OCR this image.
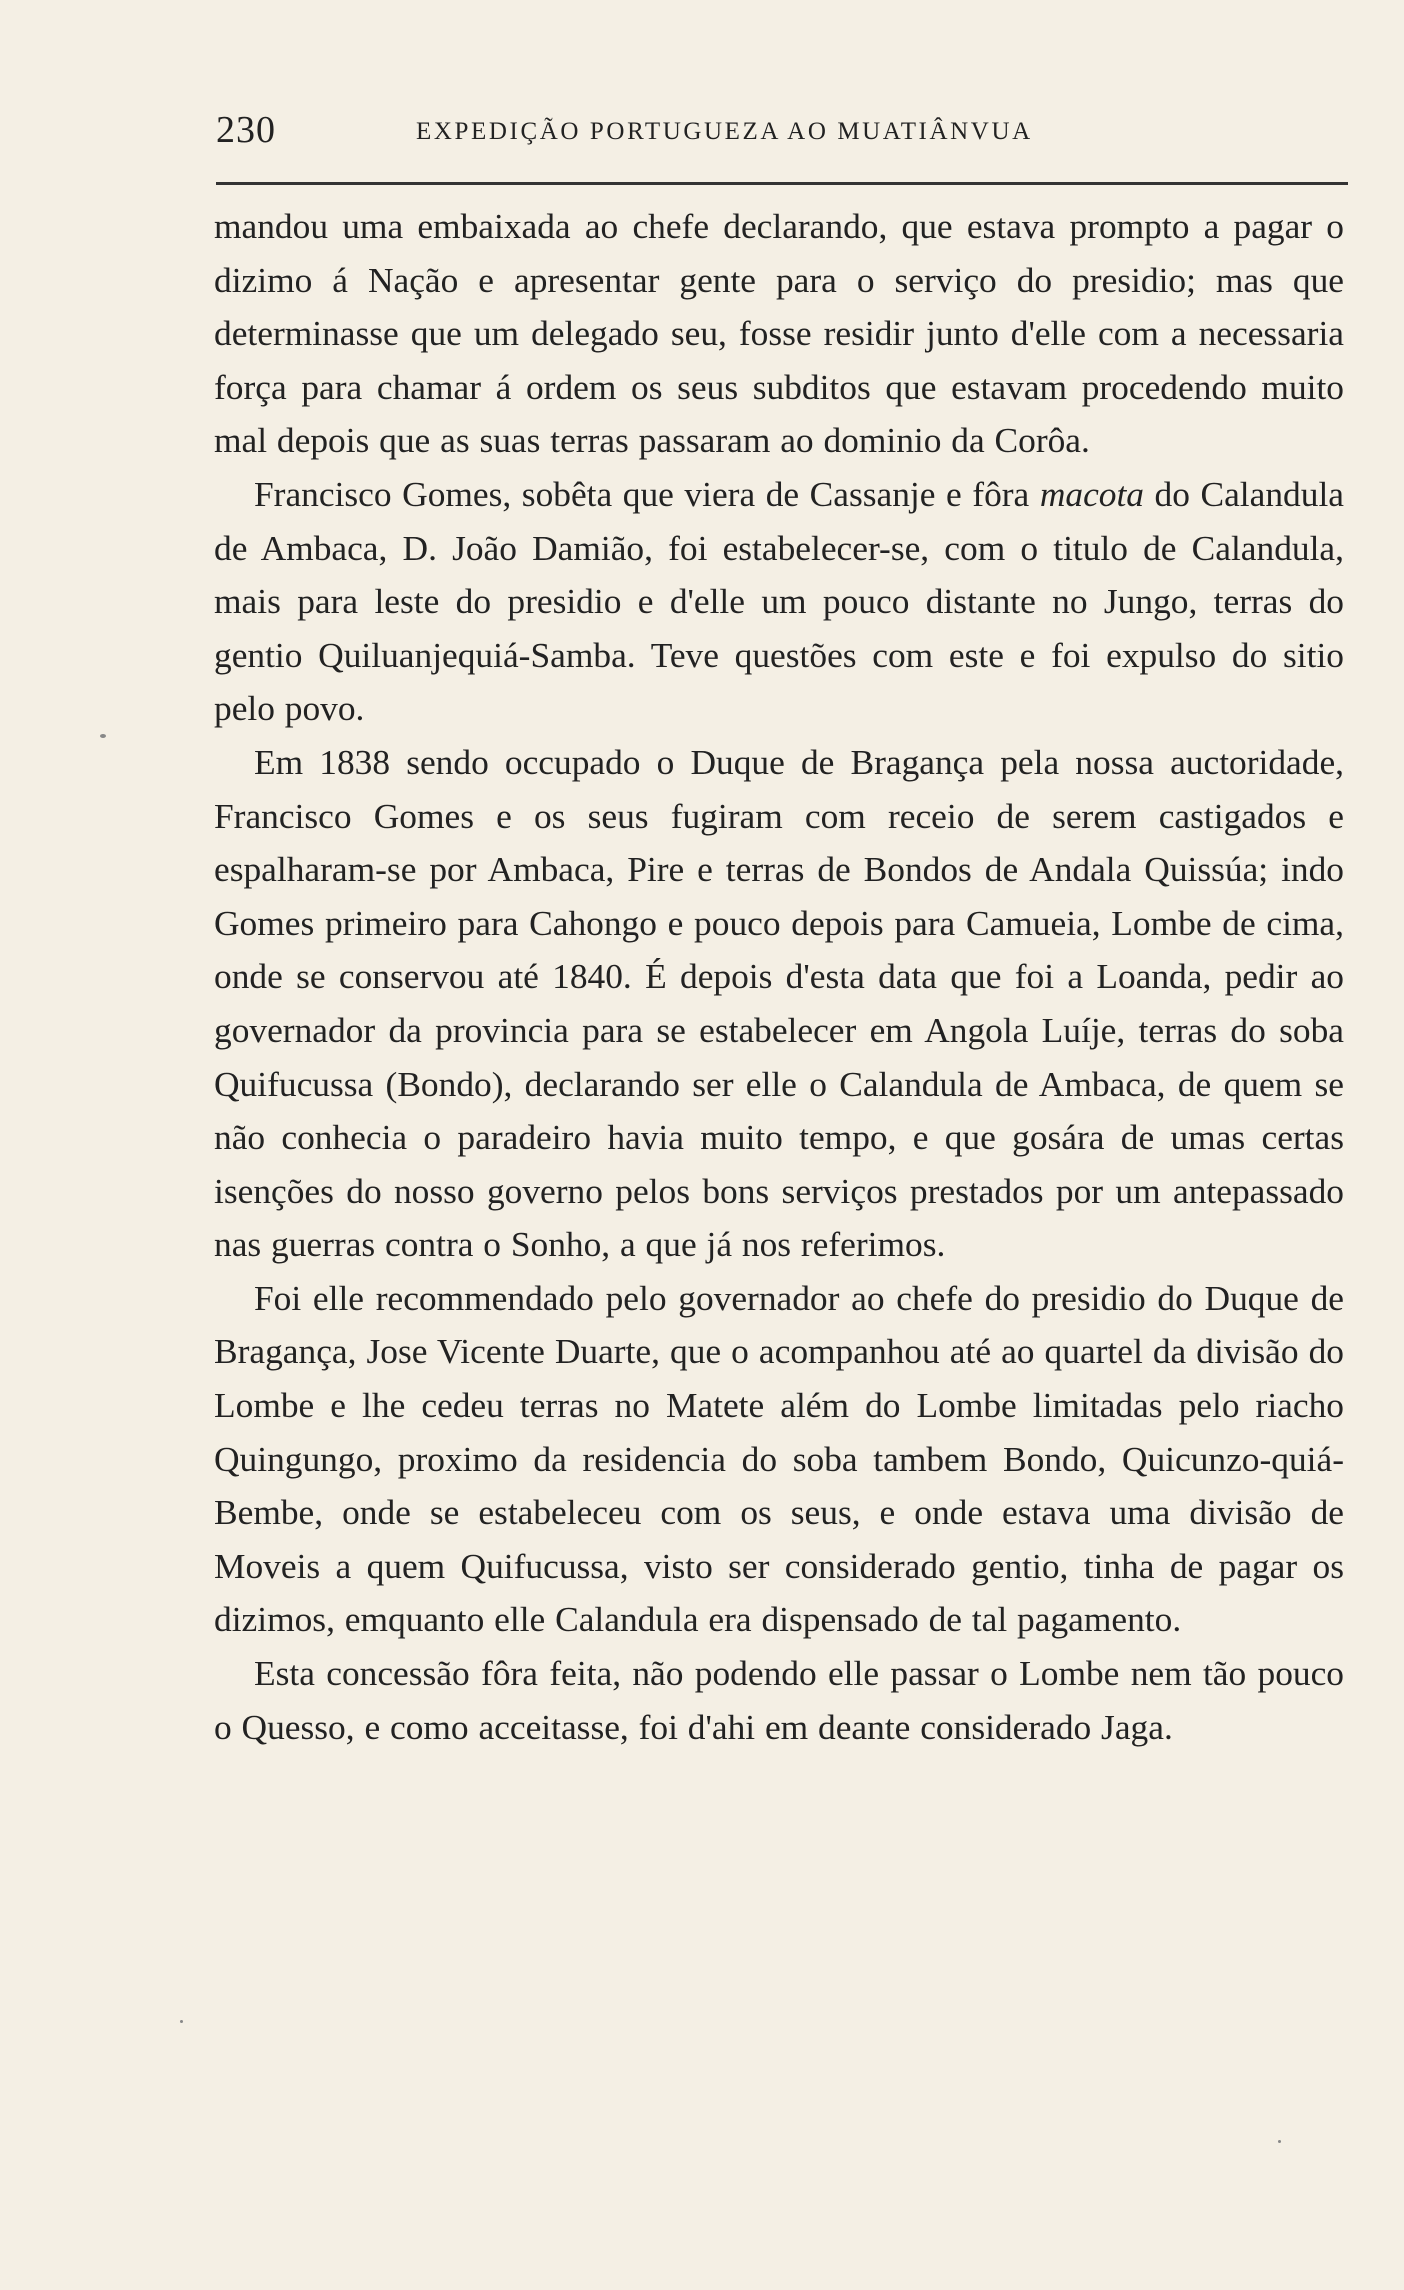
230	EXPEDIÇÃO PORTUGUEZA AO MUATIÂNVUA

mandou uma embaixada ao chefe declarando, que estava prompto a pagar o dizimo á Nação e apresentar gente para o serviço do presidio; mas que determinasse que um delegado seu, fosse residir junto d'elle com a necessaria força para chamar á ordem os seus subditos que estavam procedendo muito mal depois que as suas terras passaram ao dominio da Corôa.

Francisco Gomes, sobêta que viera de Cassanje e fôra macota do Calandula de Ambaca, D. João Damião, foi estabelecer-se, com o titulo de Calandula, mais para leste do presidio e d'elle um pouco distante no Jungo, terras do gentio Quiluanjequiá-Samba. Teve questões com este e foi expulso do sitio pelo povo.

Em 1838 sendo occupado o Duque de Bragança pela nossa auctoridade, Francisco Gomes e os seus fugiram com receio de serem castigados e espalharam-se por Ambaca, Pire e terras de Bondos de Andala Quissúa; indo Gomes primeiro para Cahongo e pouco depois para Camueia, Lombe de cima, onde se conservou até 1840. É depois d'esta data que foi a Loanda, pedir ao governador da provincia para se estabelecer em Angola Luíje, terras do soba Quifucussa (Bondo), declarando ser elle o Calandula de Ambaca, de quem se não conhecia o paradeiro havia muito tempo, e que gosára de umas certas isenções do nosso governo pelos bons serviços prestados por um antepassado nas guerras contra o Sonho, a que já nos referimos.

Foi elle recommendado pelo governador ao chefe do presidio do Duque de Bragança, Jose Vicente Duarte, que o acompanhou até ao quartel da divisão do Lombe e lhe cedeu terras no Matete além do Lombe limitadas pelo riacho Quingungo, proximo da residencia do soba tambem Bondo, Quicunzo-quiá-Bembe, onde se estabeleceu com os seus, e onde estava uma divisão de Moveis a quem Quifucussa, visto ser considerado gentio, tinha de pagar os dizimos, emquanto elle Calandula era dispensado de tal pagamento.

Esta concessão fôra feita, não podendo elle passar o Lombe nem tão pouco o Quesso, e como acceitasse, foi d'ahi em deante considerado Jaga.
